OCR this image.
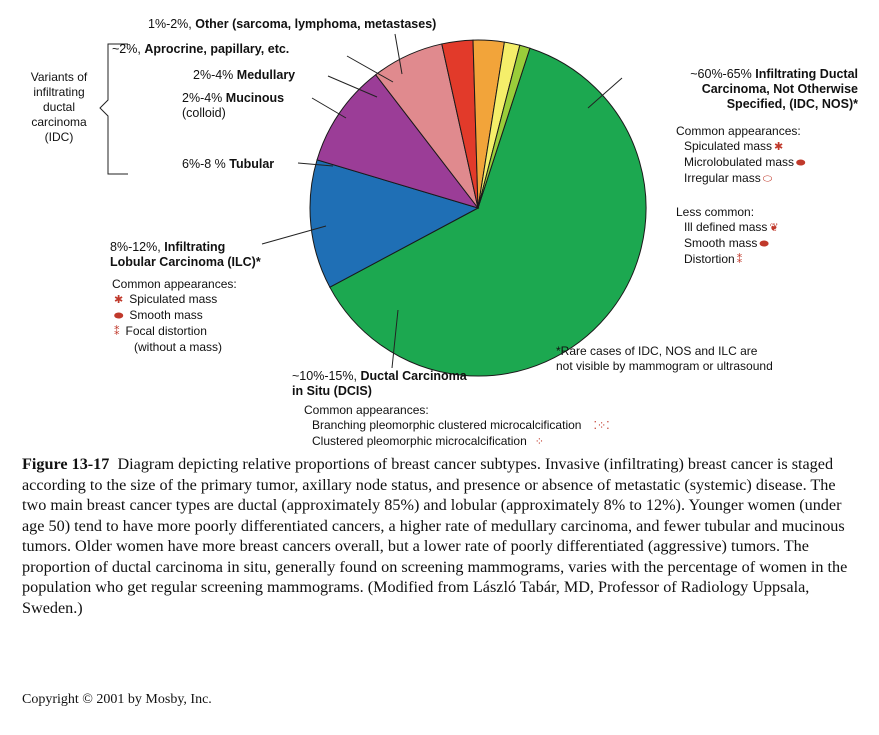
1%-2%, Other (sarcoma, lymphoma, metastases)
~2%, Aprocrine, papillary, etc.
2%-4% Medullary
2%-4% Mucinous
(colloid)
6%-8 % Tubular
Variants of
infiltrating
ductal
carcinoma
(IDC)
~60%-65% Infiltrating Ductal
Carcinoma, Not Otherwise
Specified, (IDC, NOS)*
Common appearances:
Spiculated mass ✱
Microlobulated mass ⬬
Irregular mass ⬭
Less common:
Ill defined mass ❦
Smooth mass ⬬
Distortion ⁑
8%-12%, Infiltrating
Lobular Carcinoma (ILC)*
Common appearances:
✱ Spiculated mass
⬬ Smooth mass
⁑ Focal distortion
(without a mass)	*Rare cases of IDC, NOS and ILC are
not visible by mammogram or ultrasound
~10%-15%, Ductal Carcinoma
in Situ (DCIS)
Common appearances:
Branching pleomorphic clustered microcalcification ⁚⁘⁚
Clustered pleomorphic microcalcification ⁘
Figure 13-17 Diagram depicting relative proportions of breast cancer subtypes. Invasive (infiltrating) breast cancer is staged according to the size of the primary tumor, axillary node status, and presence or absence of metastatic (systemic) disease. The two main breast cancer types are ductal (approximately 85%) and lobular (approximately 8% to 12%). Younger women (under age 50) tend to have more poorly differentiated cancers, a higher rate of medullary carcinoma, and fewer tubular and mucinous tumors. Older women have more breast cancers overall, but a lower rate of poorly differentiated (aggressive) tumors. The proportion of ductal carcinoma in situ, generally found on screening mammograms, varies with the percentage of women in the population who get regular screening mammograms. (Modified from László Tabár, MD, Professor of Radiology Uppsala, Sweden.)
Copyright © 2001 by Mosby, Inc.
